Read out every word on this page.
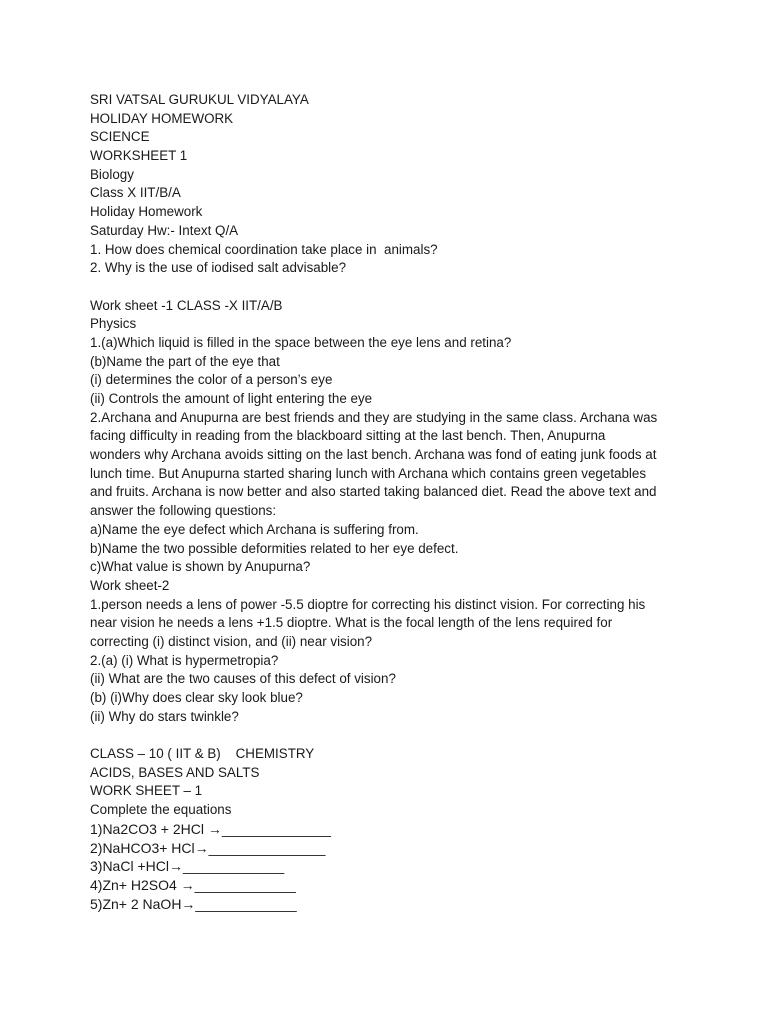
SRI VATSAL GURUKUL VIDYALAYA
HOLIDAY HOMEWORK
SCIENCE
WORKSHEET 1
Biology
Class X IIT/B/A
Holiday Homework
Saturday Hw:- Intext Q/A
1. How does chemical coordination take place in  animals?
2. Why is the use of iodised salt advisable?
Work sheet -1 CLASS -X IIT/A/B
Physics
1.(a)Which liquid is filled in the space between the eye lens and retina?
(b)Name the part of the eye that
(i) determines the color of a person’s eye
(ii) Controls the amount of light entering the eye
2.Archana and Anupurna are best friends and they are studying in the same class. Archana was
facing difficulty in reading from the blackboard sitting at the last bench. Then, Anupurna
wonders why Archana avoids sitting on the last bench. Archana was fond of eating junk foods at
lunch time. But Anupurna started sharing lunch with Archana which contains green vegetables
and fruits. Archana is now better and also started taking balanced diet. Read the above text and
answer the following questions:
a)Name the eye defect which Archana is suffering from.
b)Name the two possible deformities related to her eye defect.
c)What value is shown by Anupurna?
Work sheet-2
1.person needs a lens of power -5.5 dioptre for correcting his distinct vision. For correcting his
near vision he needs a lens +1.5 dioptre. What is the focal length of the lens required for
correcting (i) distinct vision, and (ii) near vision?
2.(a) (i) What is hypermetropia?
(ii) What are the two causes of this defect of vision?
(b) (i)Why does clear sky look blue?
(ii) Why do stars twinkle?
CLASS – 10 ( IIT & B)    CHEMISTRY
ACIDS, BASES AND SALTS
WORK SHEET – 1
Complete the equations
1)Na2CO3 + 2HCl →______________
2)NaHCO3+ HCl→_______________
3)NaCl +HCl→_____________
4)Zn+ H2SO4 →_____________
5)Zn+ 2 NaOH→_____________
